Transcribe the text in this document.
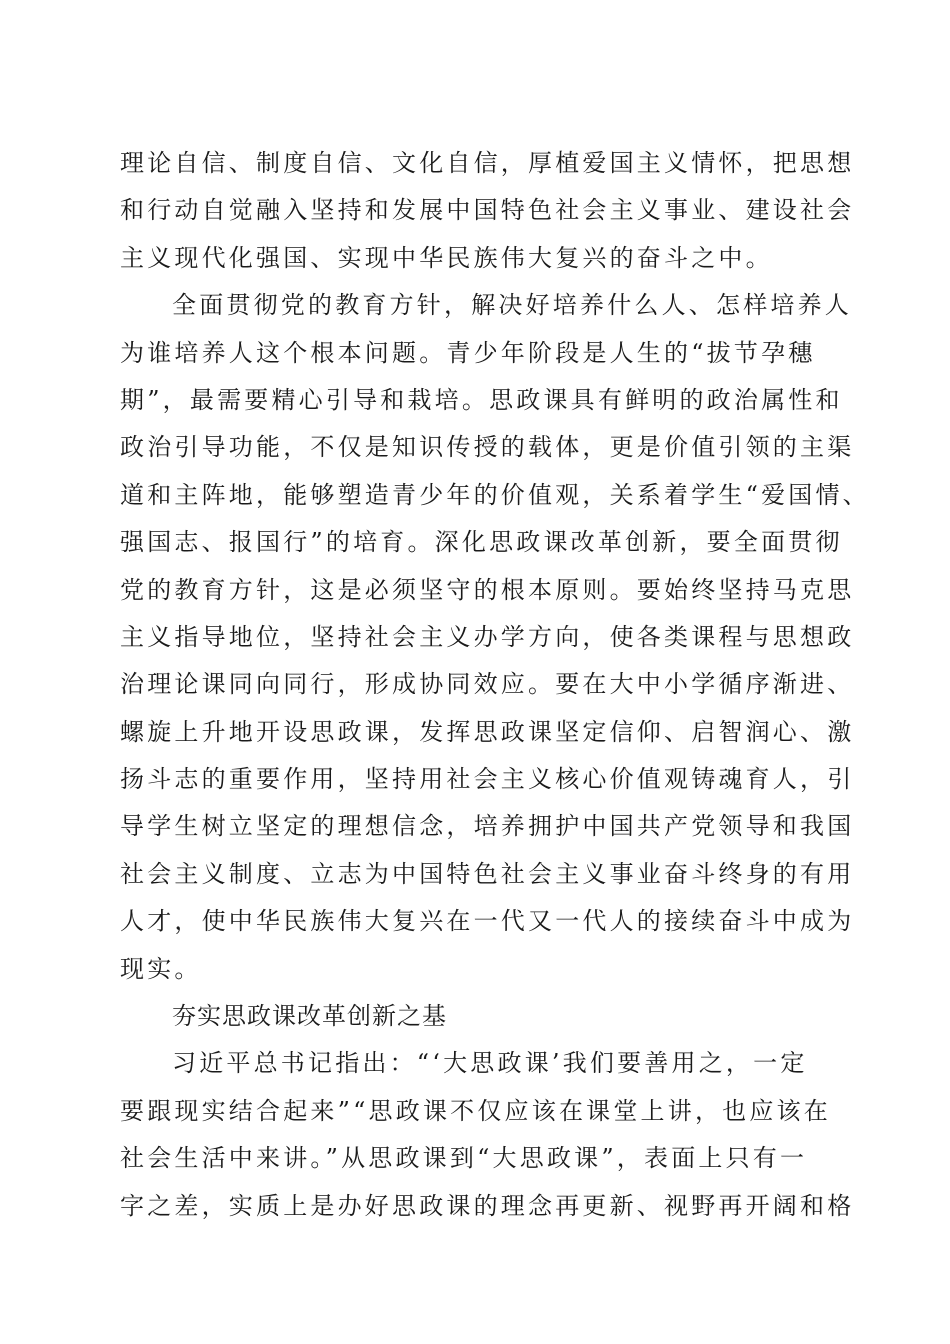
理论自信、制度自信、文化自信，厚植爱国主义情怀，把思想
和行动自觉融入坚持和发展中国特色社会主义事业、建设社会
主义现代化强国、实现中华民族伟大复兴的奋斗之中。
全面贯彻党的教育方针，解决好培养什么人、怎样培养人
为谁培养人这个根本问题。青少年阶段是人生的“拔节孕穗
期”，最需要精心引导和栽培。思政课具有鲜明的政治属性和
政治引导功能，不仅是知识传授的载体，更是价值引领的主渠
道和主阵地，能够塑造青少年的价值观，关系着学生“爱国情、
强国志、报国行”的培育。深化思政课改革创新，要全面贯彻
党的教育方针，这是必须坚守的根本原则。要始终坚持马克思
主义指导地位，坚持社会主义办学方向，使各类课程与思想政
治理论课同向同行，形成协同效应。要在大中小学循序渐进、
螺旋上升地开设思政课，发挥思政课坚定信仰、启智润心、激
扬斗志的重要作用，坚持用社会主义核心价值观铸魂育人，引
导学生树立坚定的理想信念，培养拥护中国共产党领导和我国
社会主义制度、立志为中国特色社会主义事业奋斗终身的有用
人才，使中华民族伟大复兴在一代又一代人的接续奋斗中成为
现实。
夯实思政课改革创新之基
习近平总书记指出：“‘大思政课’我们要善用之，一定
要跟现实结合起来”“思政课不仅应该在课堂上讲，也应该在
社会生活中来讲。”从思政课到“大思政课”，表面上只有一
字之差，实质上是办好思政课的理念再更新、视野再开阔和格
